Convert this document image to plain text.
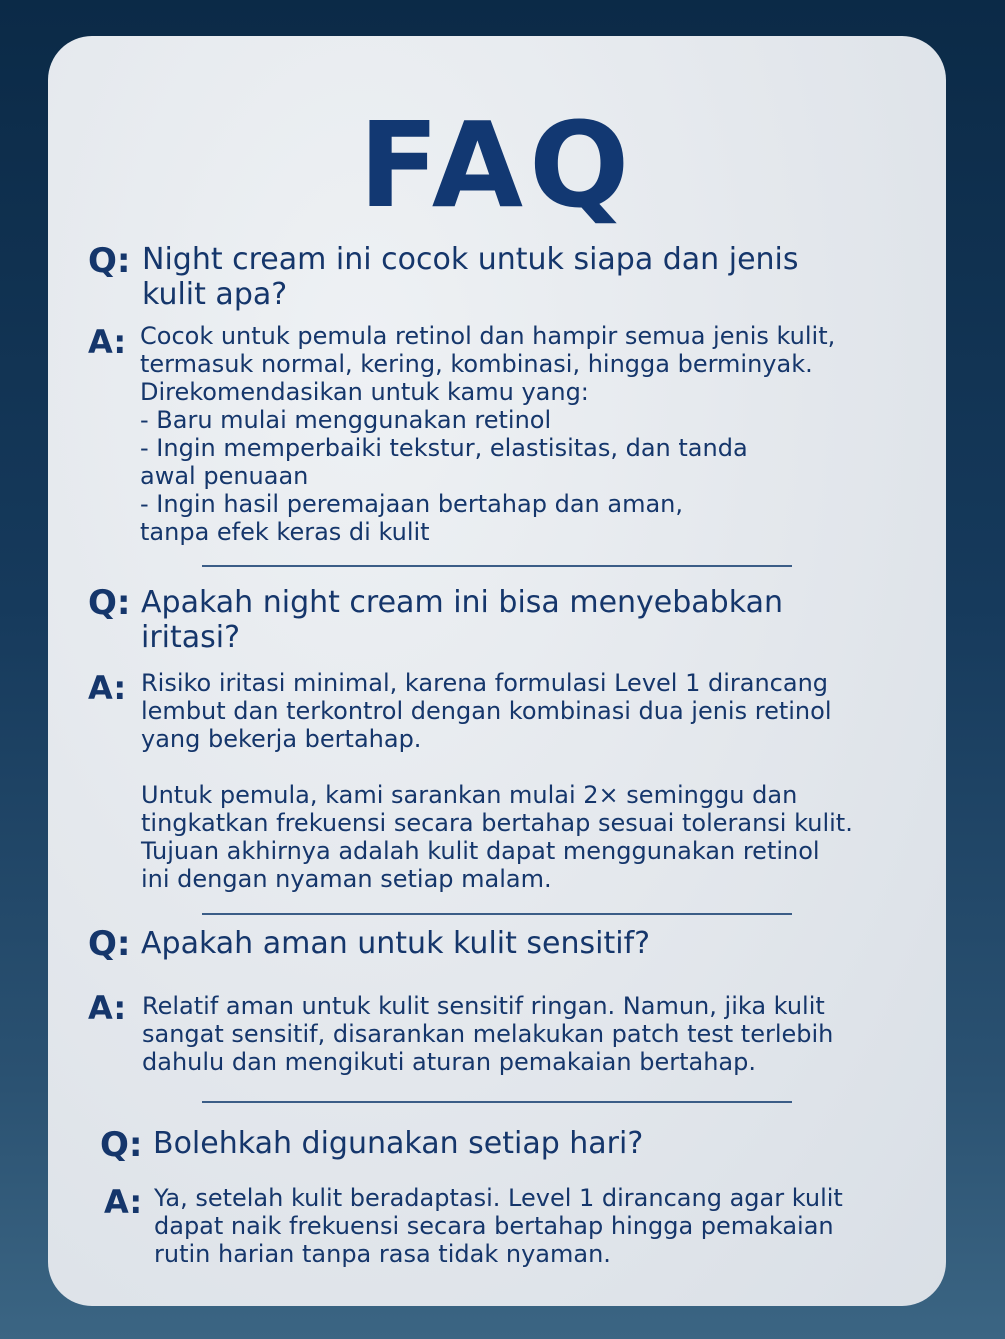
FAQ
Q: Night cream ini cocok untuk siapa dan jenis
kulit apa?
A: Cocok untuk pemula retinol dan hampir semua jenis kulit,
termasuk normal, kering, kombinasi, hingga berminyak.
Direkomendasikan untuk kamu yang:
- Baru mulai menggunakan retinol
- Ingin memperbaiki tekstur, elastisitas, dan tanda
awal penuaan
- Ingin hasil peremajaan bertahap dan aman,
tanpa efek keras di kulit
Q: Apakah night cream ini bisa menyebabkan
iritasi?
A: Risiko iritasi minimal, karena formulasi Level 1 dirancang
lembut dan terkontrol dengan kombinasi dua jenis retinol
yang bekerja bertahap.

Untuk pemula, kami sarankan mulai 2× seminggu dan
tingkatkan frekuensi secara bertahap sesuai toleransi kulit.
Tujuan akhirnya adalah kulit dapat menggunakan retinol
ini dengan nyaman setiap malam.
Q: Apakah aman untuk kulit sensitif?
A: Relatif aman untuk kulit sensitif ringan. Namun, jika kulit
sangat sensitif, disarankan melakukan patch test terlebih
dahulu dan mengikuti aturan pemakaian bertahap.
Q: Bolehkah digunakan setiap hari?
A: Ya, setelah kulit beradaptasi. Level 1 dirancang agar kulit
dapat naik frekuensi secara bertahap hingga pemakaian
rutin harian tanpa rasa tidak nyaman.
